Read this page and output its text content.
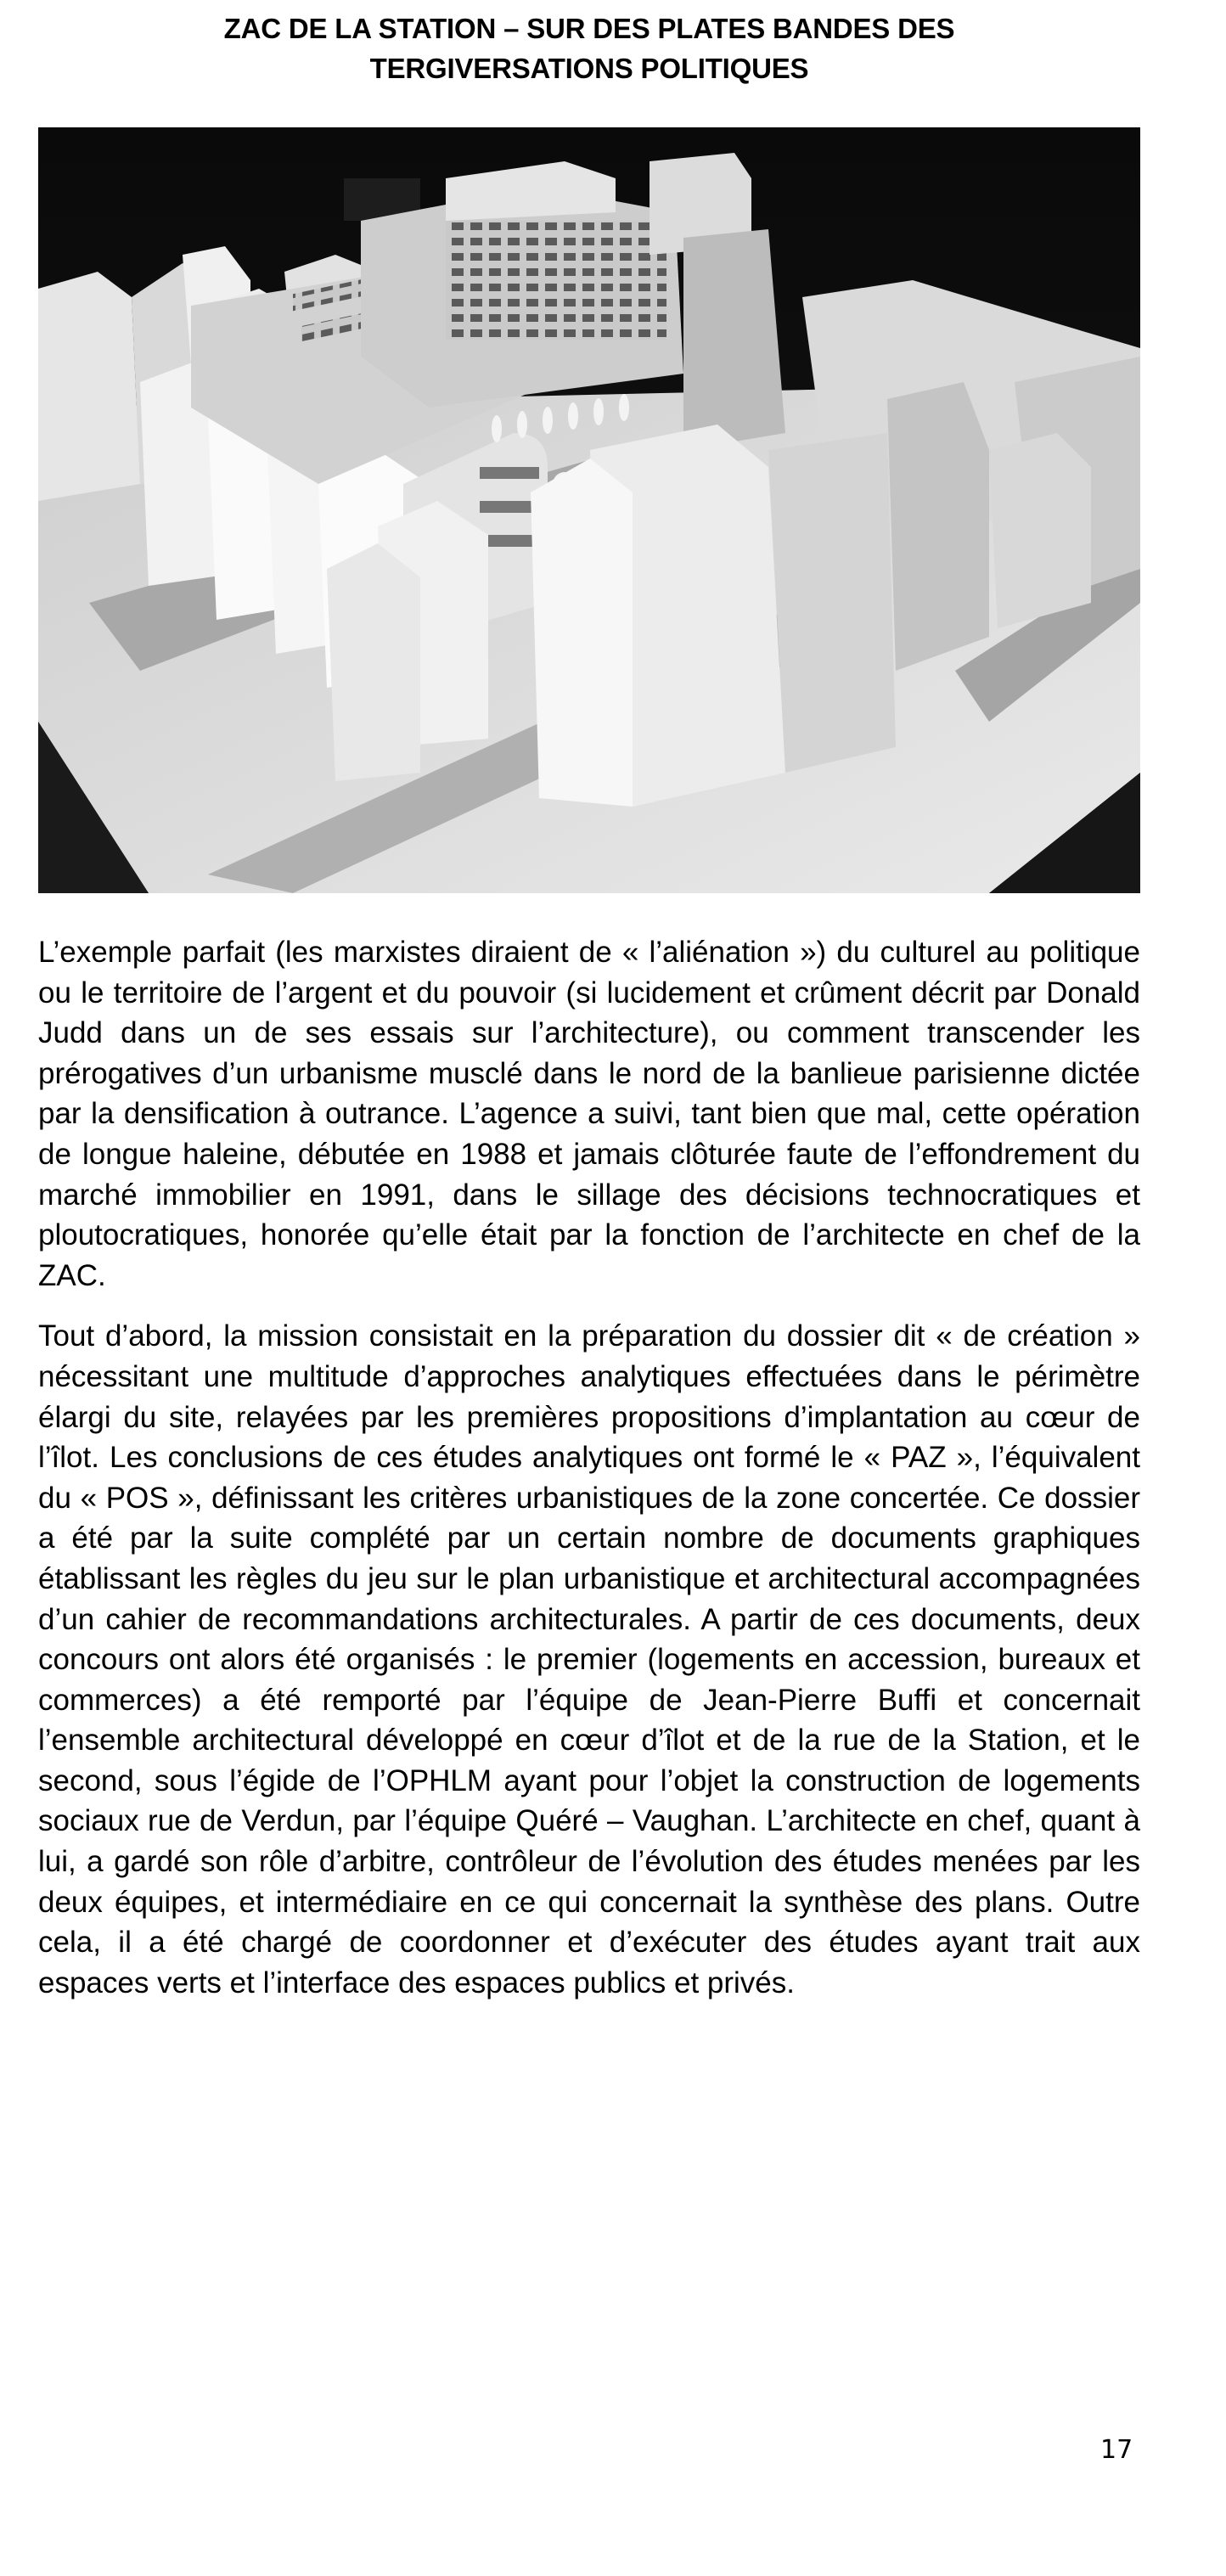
ZAC DE LA STATION – SUR DES PLATES BANDES DES
TERGIVERSATIONS POLITIQUES

L’exemple parfait (les marxistes diraient de « l’aliénation ») du culturel au politique ou le territoire de l’argent et du pouvoir (si lucidement et crûment décrit par Donald Judd dans un de ses essais sur l’architecture), ou comment transcender les prérogatives d’un urbanisme musclé dans le nord de la banlieue parisienne dictée par la densification à outrance. L’agence a suivi, tant bien que mal, cette opération de longue haleine, débutée en 1988 et jamais clôturée faute de l’effondrement du marché immobilier en 1991, dans le sillage des décisions technocratiques et ploutocratiques, honorée qu’elle était par la fonction de l’architecte en chef de la ZAC.

Tout d’abord, la mission consistait en la préparation du dossier dit « de création » nécessitant une multitude d’approches analytiques effectuées dans le périmètre élargi du site, relayées par les premières propositions d’implantation au cœur de l’îlot. Les conclusions de ces études analytiques ont formé le « PAZ », l’équivalent du « POS », définissant les critères urbanistiques de la zone concertée. Ce dossier a été par la suite complété par un certain nombre de documents graphiques établissant les règles du jeu sur le plan urbanistique et architectural accompagnées d’un cahier de recommandations architecturales. A partir de ces documents, deux concours ont alors été organisés : le premier (logements en accession, bureaux et commerces) a été remporté par l’équipe de Jean-Pierre Buffi et concernait l’ensemble architectural développé en cœur d’îlot et de la rue de la Station, et le second, sous l’égide de l’OPHLM ayant pour l’objet la construction de logements sociaux rue de Verdun, par l’équipe Quéré – Vaughan. L’architecte en chef, quant à lui, a gardé son rôle d’arbitre, contrôleur de l’évolution des études menées par les deux équipes, et intermédiaire en ce qui concernait la synthèse des plans. Outre cela, il a été chargé de coordonner et d’exécuter des études ayant trait aux espaces verts et l’interface des espaces publics et privés.

17
